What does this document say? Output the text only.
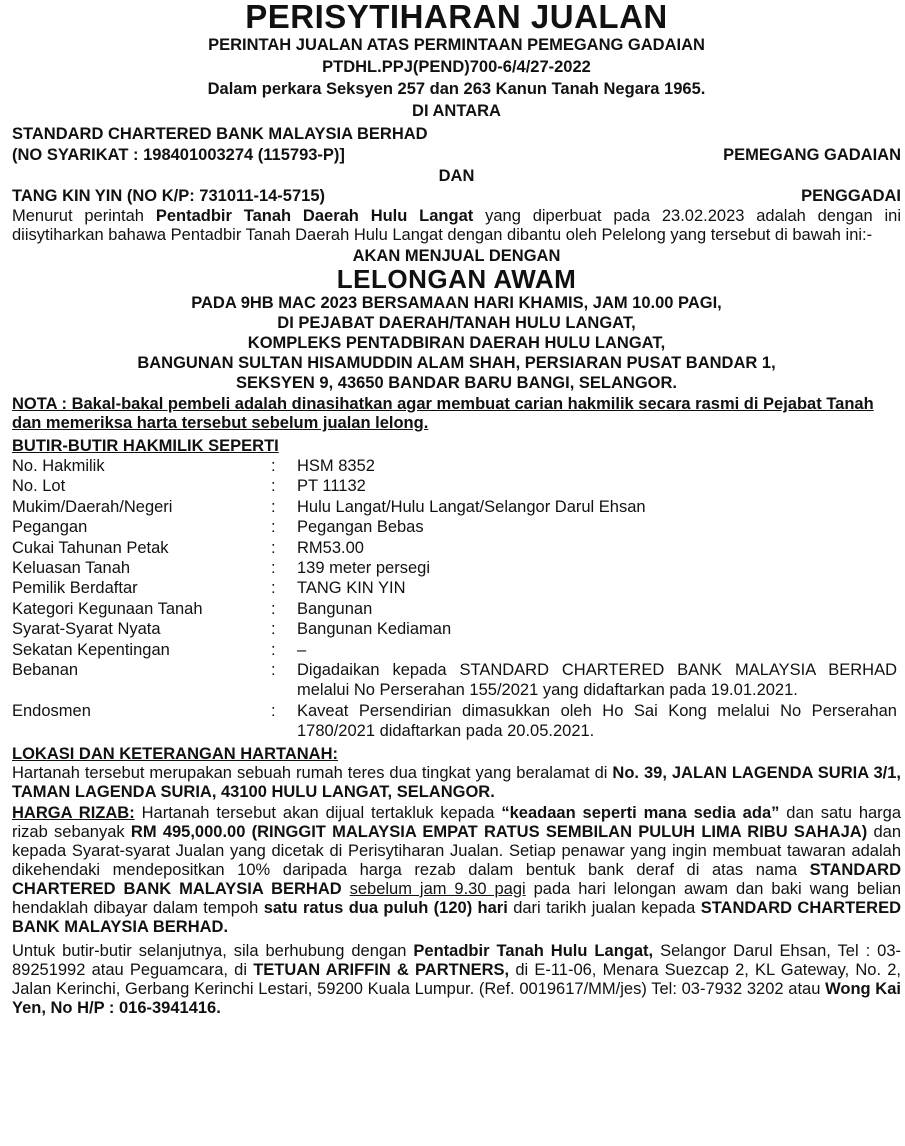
PERISYTIHARAN JUALAN
PERINTAH JUALAN ATAS PERMINTAAN PEMEGANG GADAIAN
PTDHL.PPJ(PEND)700-6/4/27-2022
Dalam perkara Seksyen 257 dan 263 Kanun Tanah Negara 1965.
DI ANTARA
STANDARD CHARTERED BANK MALAYSIA BERHAD
(NO SYARIKAT : 198401003274 (115793-P)]	PEMEGANG GADAIAN
DAN
TANG KIN YIN (NO K/P: 731011-14-5715)	PENGGADAI

Menurut perintah Pentadbir Tanah Daerah Hulu Langat yang diperbuat pada 23.02.2023 adalah dengan ini diisytiharkan bahawa Pentadbir Tanah Daerah Hulu Langat dengan dibantu oleh Pelelong yang tersebut di bawah ini:-

AKAN MENJUAL DENGAN
LELONGAN AWAM
PADA 9HB MAC 2023 BERSAMAAN HARI KHAMIS, JAM 10.00 PAGI,
DI PEJABAT DAERAH/TANAH HULU LANGAT,
KOMPLEKS PENTADBIRAN DAERAH HULU LANGAT,
BANGUNAN SULTAN HISAMUDDIN ALAM SHAH, PERSIARAN PUSAT BANDAR 1,
SEKSYEN 9, 43650 BANDAR BARU BANGI, SELANGOR.

NOTA : Bakal-bakal pembeli adalah dinasihatkan agar membuat carian hakmilik secara rasmi di Pejabat Tanah dan memeriksa harta tersebut sebelum jualan lelong.

BUTIR-BUTIR HAKMILIK SEPERTI
No. Hakmilik	:	HSM 8352
No. Lot	:	PT 11132
Mukim/Daerah/Negeri	:	Hulu Langat/Hulu Langat/Selangor Darul Ehsan
Pegangan	:	Pegangan Bebas
Cukai Tahunan Petak	:	RM53.00
Keluasan Tanah	:	139 meter persegi
Pemilik Berdaftar	:	TANG KIN YIN
Kategori Kegunaan Tanah	:	Bangunan
Syarat-Syarat Nyata	:	Bangunan Kediaman
Sekatan Kepentingan	:	–
Bebanan	:	Digadaikan kepada STANDARD CHARTERED BANK MALAYSIA BERHAD melalui No Perserahan 155/2021 yang didaftarkan pada 19.01.2021.
Endosmen	:	Kaveat Persendirian dimasukkan oleh Ho Sai Kong melalui No Perserahan 1780/2021 didaftarkan pada 20.05.2021.
LOKASI DAN KETERANGAN HARTANAH:

Hartanah tersebut merupakan sebuah rumah teres dua tingkat yang beralamat di No. 39, JALAN LAGENDA SURIA 3/1, TAMAN LAGENDA SURIA, 43100 HULU LANGAT, SELANGOR.

HARGA RIZAB: Hartanah tersebut akan dijual tertakluk kepada “keadaan seperti mana sedia ada” dan satu harga rizab sebanyak RM 495,000.00 (RINGGIT MALAYSIA EMPAT RATUS SEMBILAN PULUH LIMA RIBU SAHAJA) dan kepada Syarat-syarat Jualan yang dicetak di Perisytiharan Jualan. Setiap penawar yang ingin membuat tawaran adalah dikehendaki mendepositkan 10% daripada harga rezab dalam bentuk bank deraf di atas nama STANDARD CHARTERED BANK MALAYSIA BERHAD sebelum jam 9.30 pagi pada hari lelongan awam dan baki wang belian hendaklah dibayar dalam tempoh satu ratus dua puluh (120) hari dari tarikh jualan kepada STANDARD CHARTERED BANK MALAYSIA BERHAD.

Untuk butir-butir selanjutnya, sila berhubung dengan Pentadbir Tanah Hulu Langat, Selangor Darul Ehsan, Tel : 03-89251992 atau Peguamcara, di TETUAN ARIFFIN & PARTNERS, di E-11-06, Menara Suezcap 2, KL Gateway, No. 2, Jalan Kerinchi, Gerbang Kerinchi Lestari, 59200 Kuala Lumpur. (Ref. 0019617/MM/jes) Tel: 03-7932 3202 atau Wong Kai Yen, No H/P : 016-3941416.
